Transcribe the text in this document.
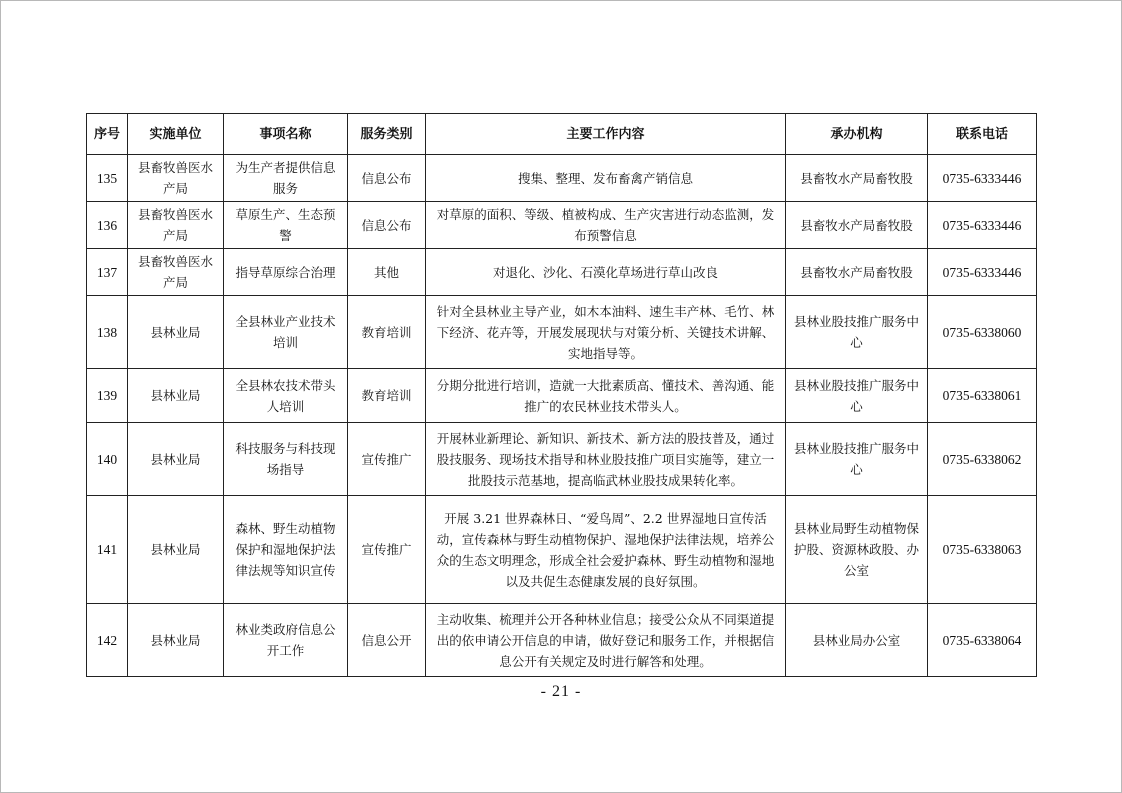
序号	实施单位	事项名称	服务类别	主要工作内容	承办机构	联系电话
135	县畜牧兽医水产局	为生产者提供信息服务	信息公布	搜集、整理、发布畜禽产销信息	县畜牧水产局畜牧股	0735-6333446
136	县畜牧兽医水产局	草原生产、生态预警	信息公布	对草原的面积、等级、植被构成、生产灾害进行动态监测，发布预警信息	县畜牧水产局畜牧股	0735-6333446
137	县畜牧兽医水产局	指导草原综合治理	其他	对退化、沙化、石漠化草场进行草山改良	县畜牧水产局畜牧股	0735-6333446
138	县林业局	全县林业产业技术培训	教育培训	针对全县林业主导产业，如木本油料、速生丰产林、毛竹、林下经济、花卉等，开展发展现状与对策分析、关键技术讲解、实地指导等。	县林业股技推广服务中心	0735-6338060
139	县林业局	全县林农技术带头人培训	教育培训	分期分批进行培训，造就一大批素质高、懂技术、善沟通、能推广的农民林业技术带头人。	县林业股技推广服务中心	0735-6338061
140	县林业局	科技服务与科技现场指导	宣传推广	开展林业新理论、新知识、新技术、新方法的股技普及，通过股技服务、现场技术指导和林业股技推广项目实施等，建立一批股技示范基地，提高临武林业股技成果转化率。	县林业股技推广服务中心	0735-6338062
141	县林业局	森林、野生动植物保护和湿地保护法律法规等知识宣传	宣传推广	开展 3.21 世界森林日、“爱鸟周”、2.2 世界湿地日宣传活动，宣传森林与野生动植物保护、湿地保护法律法规，培养公众的生态文明理念，形成全社会爱护森林、野生动植物和湿地以及共促生态健康发展的良好氛围。	县林业局野生动植物保护股、资源林政股、办公室	0735-6338063
142	县林业局	林业类政府信息公开工作	信息公开	主动收集、梳理并公开各种林业信息；接受公众从不同渠道提出的依申请公开信息的申请，做好登记和服务工作，并根据信息公开有关规定及时进行解答和处理。	县林业局办公室	0735-6338064
- 21 -
